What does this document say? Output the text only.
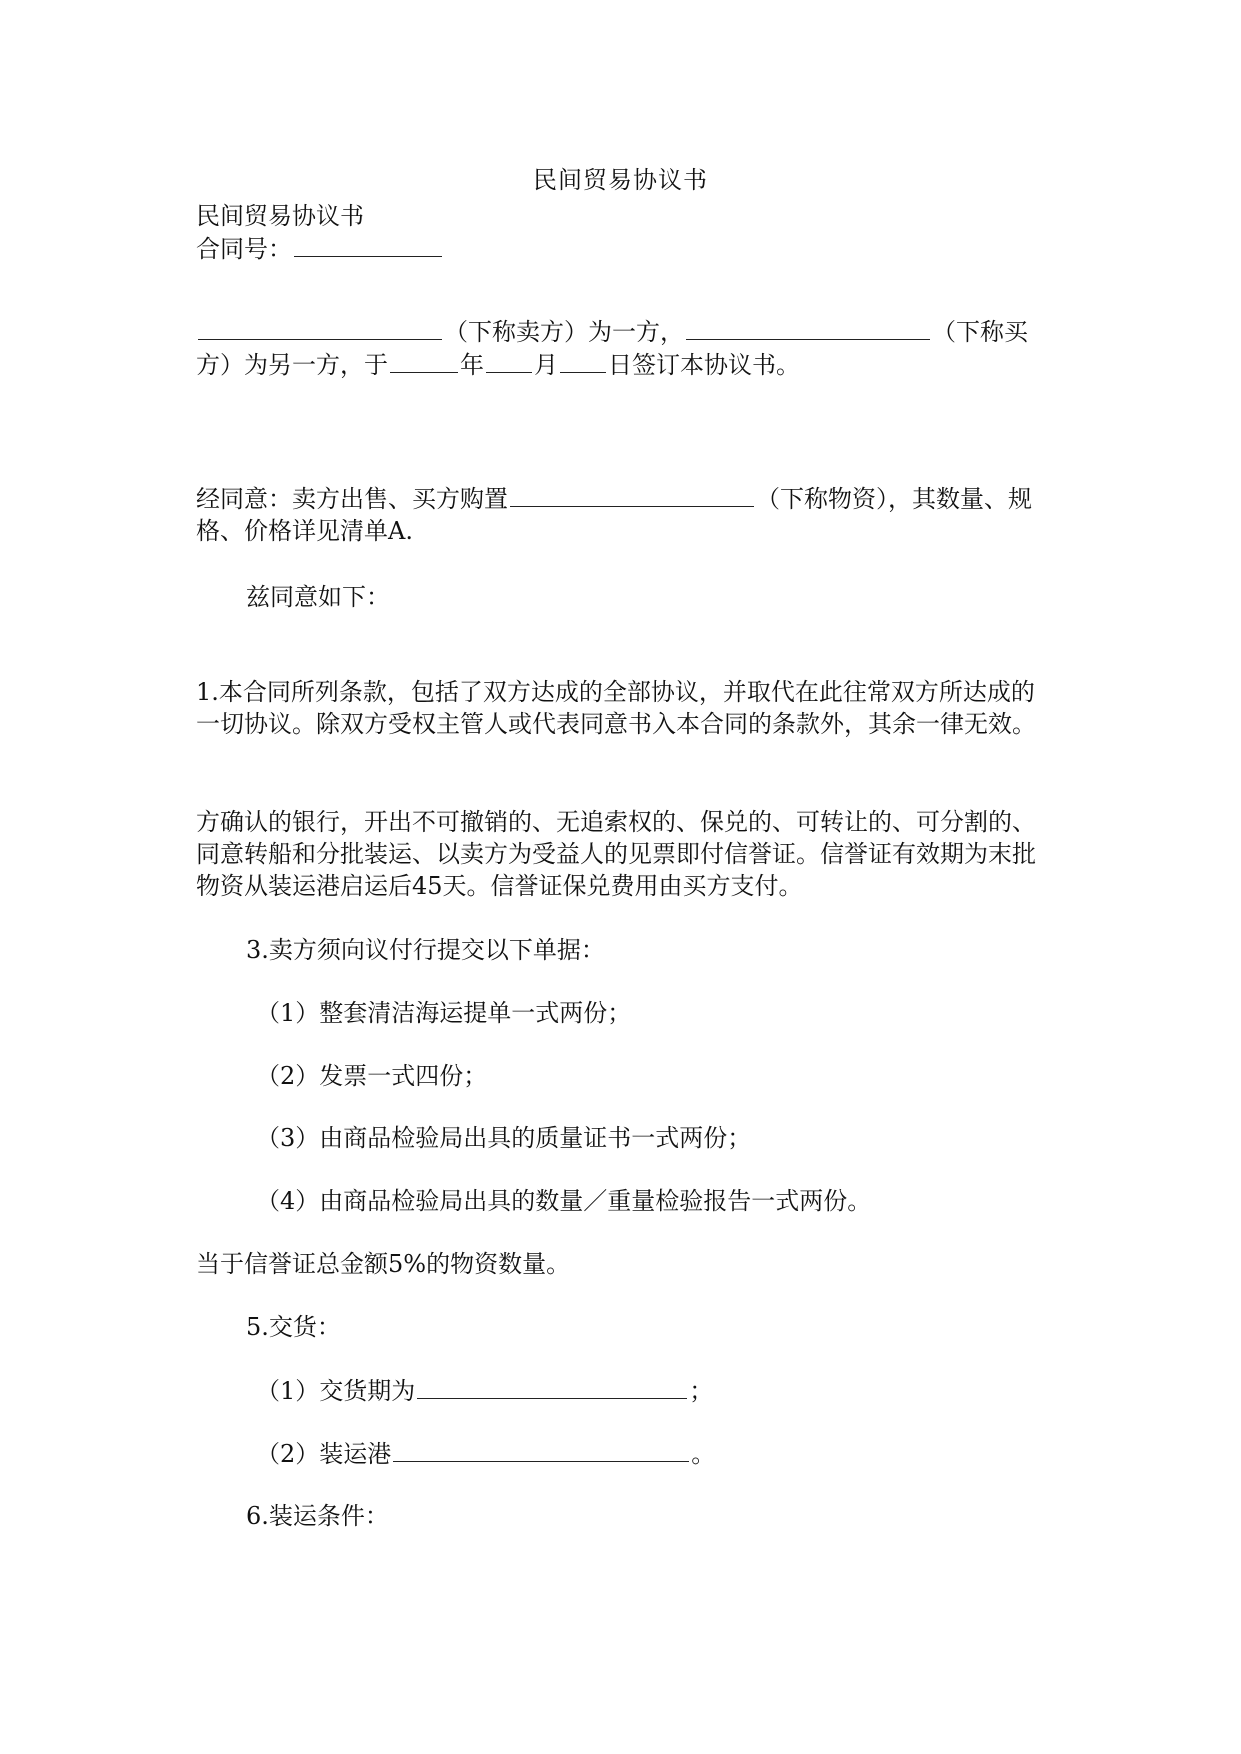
民间贸易协议书
民间贸易协议书
合同号：
（下称卖方）为一方，	（下称买方）为另一方，于	年 月 日签订本协议书。
经同意：卖方出售、买方购置	（下称物资），其数量、规格、价格详见清单A.
兹同意如下：
1.本合同所列条款，包括了双方达成的全部协议，并取代在此往常双方所达成的一切协议。除双方受权主管人或代表同意书入本合同的条款外，其余一律无效。
方确认的银行，开出不可撤销的、无追索权的、保兑的、可转让的、可分割的、同意转船和分批装运、以卖方为受益人的见票即付信誉证。信誉证有效期为末批物资从装运港启运后45天。信誉证保兑费用由买方支付。
3.卖方须向议付行提交以下单据：
（1）整套清洁海运提单一式两份；
（2）发票一式四份；
（3）由商品检验局出具的质量证书一式两份；
（4）由商品检验局出具的数量／重量检验报告一式两份。
当于信誉证总金额5%的物资数量。
5.交货：
（1）交货期为	；
（2）装运港	。
6.装运条件：
